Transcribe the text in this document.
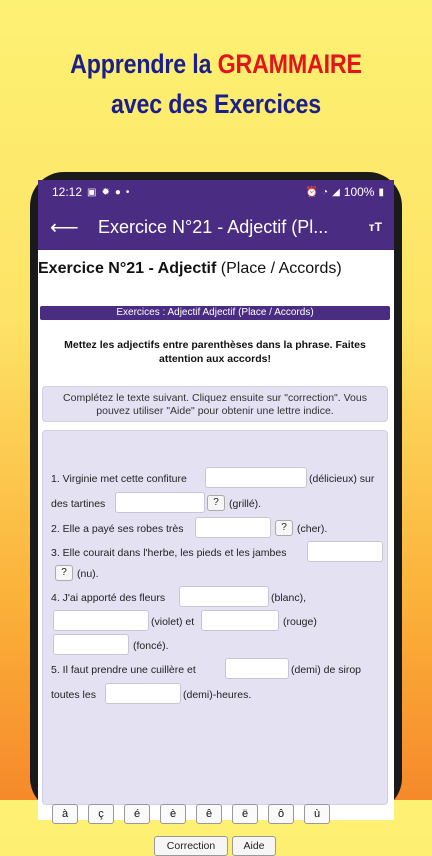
Apprendre la GRAMMAIRE
avec des Exercices
12:12 ▣ ✹ ● •	⏰ ◔ ◢ 100% ▮
⟵	Exercice N°21 - Adjectif (Pl...	тT
Exercice N°21 - Adjectif (Place / Accords)
Exercices : Adjectif Adjectif (Place / Accords)
Mettez les adjectifs entre parenthèses dans la phrase. Faites attention aux accords!
Complétez le texte suivant. Cliquez ensuite sur "correction". Vous pouvez utiliser "Aide" pour obtenir une lettre indice.
1. Virginie met cette confiture	(délicieux) sur
des tartines	? (grillé).
2. Elle a payé ses robes très	? (cher).
3. Elle courait dans l'herbe, les pieds et les jambes
? (nu).
4. J'ai apporté des fleurs	(blanc),
(violet) et	(rouge)
(foncé).
5. Il faut prendre une cuillère et	(demi) de sirop
toutes les	(demi)-heures.
à	ç	é	è	ê	ë	ô	ù
Correction	Aide
